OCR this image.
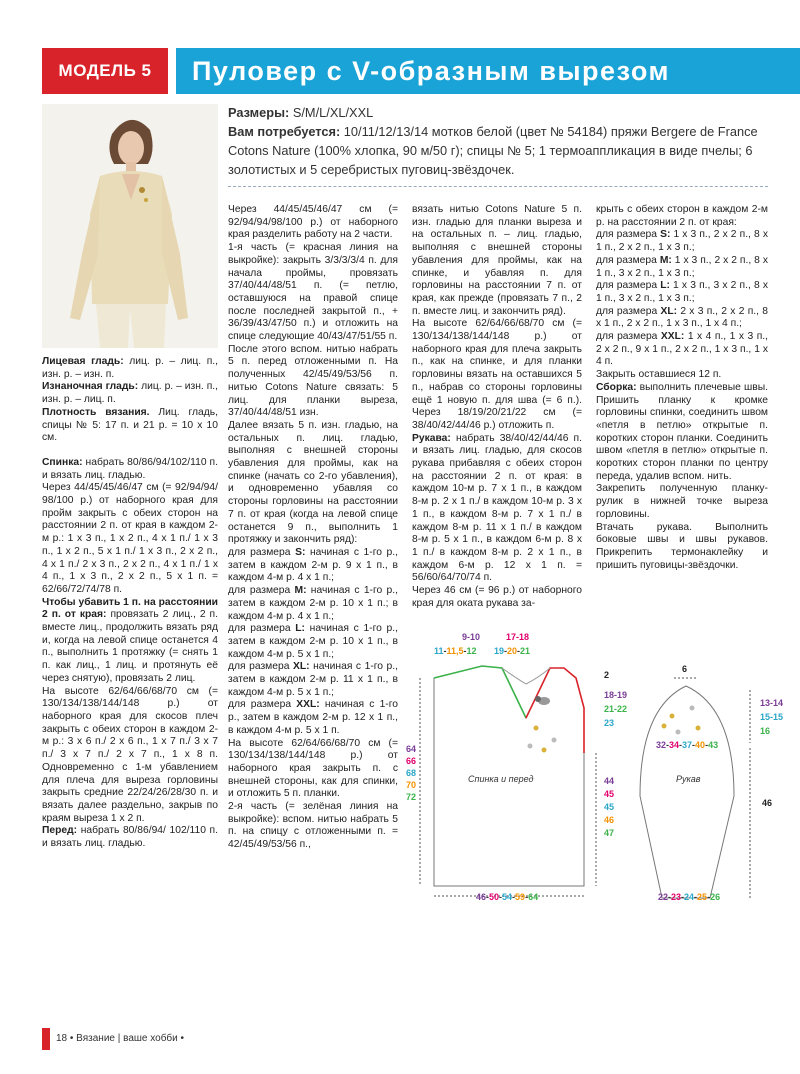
МОДЕЛЬ 5 Пуловер с V-образным вырезом

Размеры: S/M/L/XL/XXL

Вам потребуется: 10/11/12/13/14 мотков белой (цвет № 54184) пряжи Bergere de France Cotons Nature (100% хлопка, 90 м/50 г); спицы № 5; 1 термоаппликация в виде пчелы; 6 золотистых и 5 серебристых пуговиц-звёздочек.

Лицевая гладь: лиц. р. – лиц. п., изн. р. – изн. п.

Изнаночная гладь: лиц. р. – изн. п., изн. р. – лиц. п.

Плотность вязания. Лиц. гладь, спицы № 5: 17 п. и 21 р. = 10 х 10 см.

Спинка: набрать 80/86/94/102/110 п. и вязать лиц. гладью.

Через 44/45/45/46/47 см (= 92/94/94/ 98/100 р.) от наборного края для пройм закрыть с обеих сторон на расстоянии 2 п. от края в каждом 2-м р.: 1 х 3 п., 1 х 2 п., 4 х 1 п./ 1 х 3 п., 1 х 2 п., 5 х 1 п./ 1 х 3 п., 2 х 2 п., 4 х 1 п./ 2 х 3 п., 2 х 2 п., 4 х 1 п./ 1 х 4 п., 1 х 3 п., 2 х 2 п., 5 х 1 п. = 62/66/72/74/78 п.

Чтобы убавить 1 п. на расстоянии 2 п. от края: провязать 2 лиц., 2 п. вместе лиц., продолжить вязать ряд и, когда на левой спице останется 4 п., выполнить 1 протяжку (= снять 1 п. как лиц., 1 лиц. и протянуть её через снятую), провязать 2 лиц.

На высоте 62/64/66/68/70 см (= 130/134/138/144/148 р.) от наборного края для скосов плеч закрыть с обеих сторон в каждом 2-м р.: 3 х 6 п./ 2 х 6 п., 1 х 7 п./ 3 х 7 п./ 3 х 7 п./ 2 х 7 п., 1 х 8 п. Одновременно с 1-м убавлением для плеча для выреза горловины закрыть средние 22/24/26/28/30 п. и вязать далее раздельно, закрыв по краям выреза 1 х 2 п.

Перед: набрать 80/86/94/ 102/110 п. и вязать лиц. гладью.

Через 44/45/45/46/47 см (= 92/94/94/98/100 р.) от наборного края разделить работу на 2 части.

1-я часть (= красная линия на выкройке): закрыть 3/3/3/3/4 п. для начала проймы, провязать 37/40/44/48/51 п. (= петлю, оставшуюся на правой спице после последней закрытой п., + 36/39/43/47/50 п.) и отложить на спице следующие 40/43/47/51/55 п.

После этого вспом. нитью набрать 5 п. перед отложенными п. На полученных 42/45/49/53/56 п. нитью Cotons Nature связать: 5 лиц. для планки выреза, 37/40/44/48/51 изн.

Далее вязать 5 п. изн. гладью, на остальных п. лиц. гладью, выполняя с внешней стороны убавления для проймы, как на спинке (начать со 2-го убавления), и одновременно убавляя со стороны горловины на расстоянии 7 п. от края (когда на левой спице останется 9 п., выполнить 1 протяжку и закончить ряд):

для размера S: начиная с 1-го р., затем в каждом 2-м р. 9 х 1 п., в каждом 4-м р. 4 х 1 п.;

для размера M: начиная с 1-го р., затем в каждом 2-м р. 10 х 1 п.; в каждом 4-м р. 4 х 1 п.;

для размера L: начиная с 1-го р., затем в каждом 2-м р. 10 х 1 п., в каждом 4-м р. 5 х 1 п.;

для размера XL: начиная с 1-го р., затем в каждом 2-м р. 11 х 1 п., в каждом 4-м р. 5 х 1 п.;

для размера XXL: начиная с 1-го р., затем в каждом 2-м р. 12 х 1 п., в каждом 4-м р. 5 х 1 п.

На высоте 62/64/66/68/70 см (= 130/134/138/144/148 р.) от наборного края закрыть п. с внешней стороны, как для спинки, и отложить 5 п. планки.

2-я часть (= зелёная линия на выкройке): вспом. нитью набрать 5 п. на спицу с отложенными п. = 42/45/49/53/56 п.,

вязать нитью Cotons Nature 5 п. изн. гладью для планки выреза и на остальных п. – лиц. гладью, выполняя с внешней стороны убавления для проймы, как на спинке, и убавляя п. для горловины на расстоянии 7 п. от края, как прежде (провязать 7 п., 2 п. вместе лиц. и закончить ряд).

На высоте 62/64/66/68/70 см (= 130/134/138/144/148 р.) от наборного края для плеча закрыть п., как на спинке, и для планки горловины вязать на оставшихся 5 п., набрав со стороны горловины ещё 1 новую п. для шва (= 6 п.). Через 18/19/20/21/22 см (= 38/40/42/44/46 р.) отложить п.

Рукава: набрать 38/40/42/44/46 п. и вязать лиц. гладью, для скосов рукава прибавляя с обеих сторон на расстоянии 2 п. от края: в каждом 10-м р. 7 х 1 п., в каждом 8-м р. 2 х 1 п./ в каждом 10-м р. 3 х 1 п., в каждом 8-м р. 7 х 1 п./ в каждом 8-м р. 11 х 1 п./ в каждом 8-м р. 5 х 1 п., в каждом 6-м р. 8 х 1 п./ в каждом 8-м р. 2 х 1 п., в каждом 6-м р. 12 х 1 п. = 56/60/64/70/74 п.

Через 46 см (= 96 р.) от наборного края для оката рукава за-

крыть с обеих сторон в каждом 2-м р. на расстоянии 2 п. от края:

для размера S: 1 х 3 п., 2 х 2 п., 8 х 1 п., 2 х 2 п., 1 х 3 п.;

для размера M: 1 х 3 п., 2 х 2 п., 8 х 1 п., 3 х 2 п., 1 х 3 п.;

для размера L: 1 х 3 п., 3 х 2 п., 8 х 1 п., 3 х 2 п., 1 х 3 п.;

для размера XL: 2 х 3 п., 2 х 2 п., 8 х 1 п., 2 х 2 п., 1 х 3 п., 1 х 4 п.;

для размера XXL: 1 х 4 п., 1 х 3 п., 2 х 2 п., 9 х 1 п., 2 х 2 п., 1 х 3 п., 1 х 4 п.

Закрыть оставшиеся 12 п.

Сборка: выполнить плечевые швы. Пришить планку к кромке горловины спинки, соединить швом «петля в петлю» открытые п. коротких сторон планки. Соединить швом «петля в петлю» открытые п. коротких сторон планки по центру переда, удалив вспом. нить.

Закрепить полученную планку-рулик в нижней точке выреза горловины.

Втачать рукава. Выполнить боковые швы и швы рукавов. Прикрепить термонаклейку и пришить пуговицы-звёздочки.

9-10	17-18
11-11,5-12 19-20-21
2
18-19
21-22
23
64
66
68
70
72
44
45
45
46
47
46-50-54-59-64
Спинка и перед
6
13-14
15-15
16
32-34-37-40-43
46
22-23-24-25-26
Рукав
18 • Вязание | ваше хобби •
